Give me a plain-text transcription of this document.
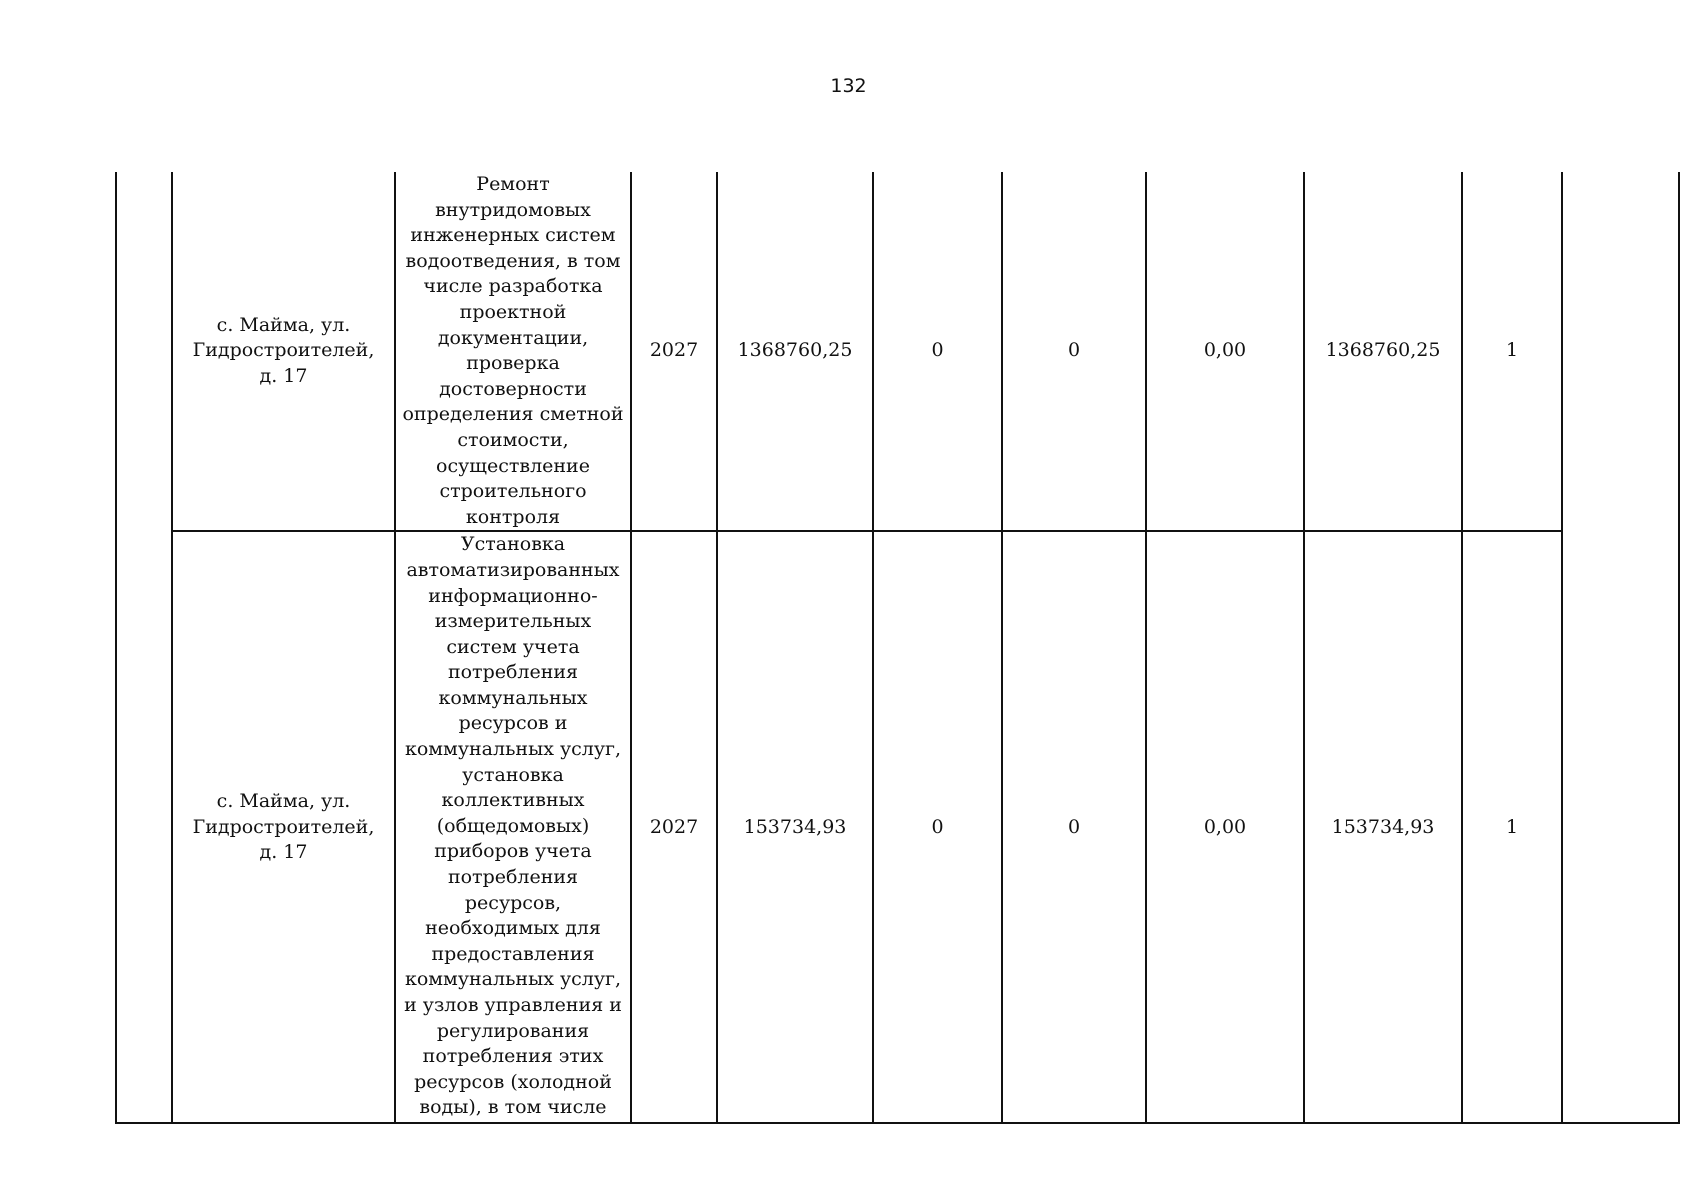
132

	с. Майма, ул. Гидростроителей, д. 17	Ремонт внутридомовых инженерных систем водоотведения, в том числе разработка проектной документации, проверка достоверности определения сметной стоимости, осуществление строительного контроля	2027	1368760,25	0	0	0,00	1368760,25	1	

	с. Майма, ул. Гидростроителей, д. 17	Установка автоматизированных информационно-измерительных систем учета потребления коммунальных ресурсов и коммунальных услуг, установка коллективных (общедомовых) приборов учета потребления ресурсов, необходимых для предоставления коммунальных услуг, и узлов управления и регулирования потребления этих ресурсов (холодной воды), в том числе	2027	153734,93	0	0	0,00	153734,93	1	
